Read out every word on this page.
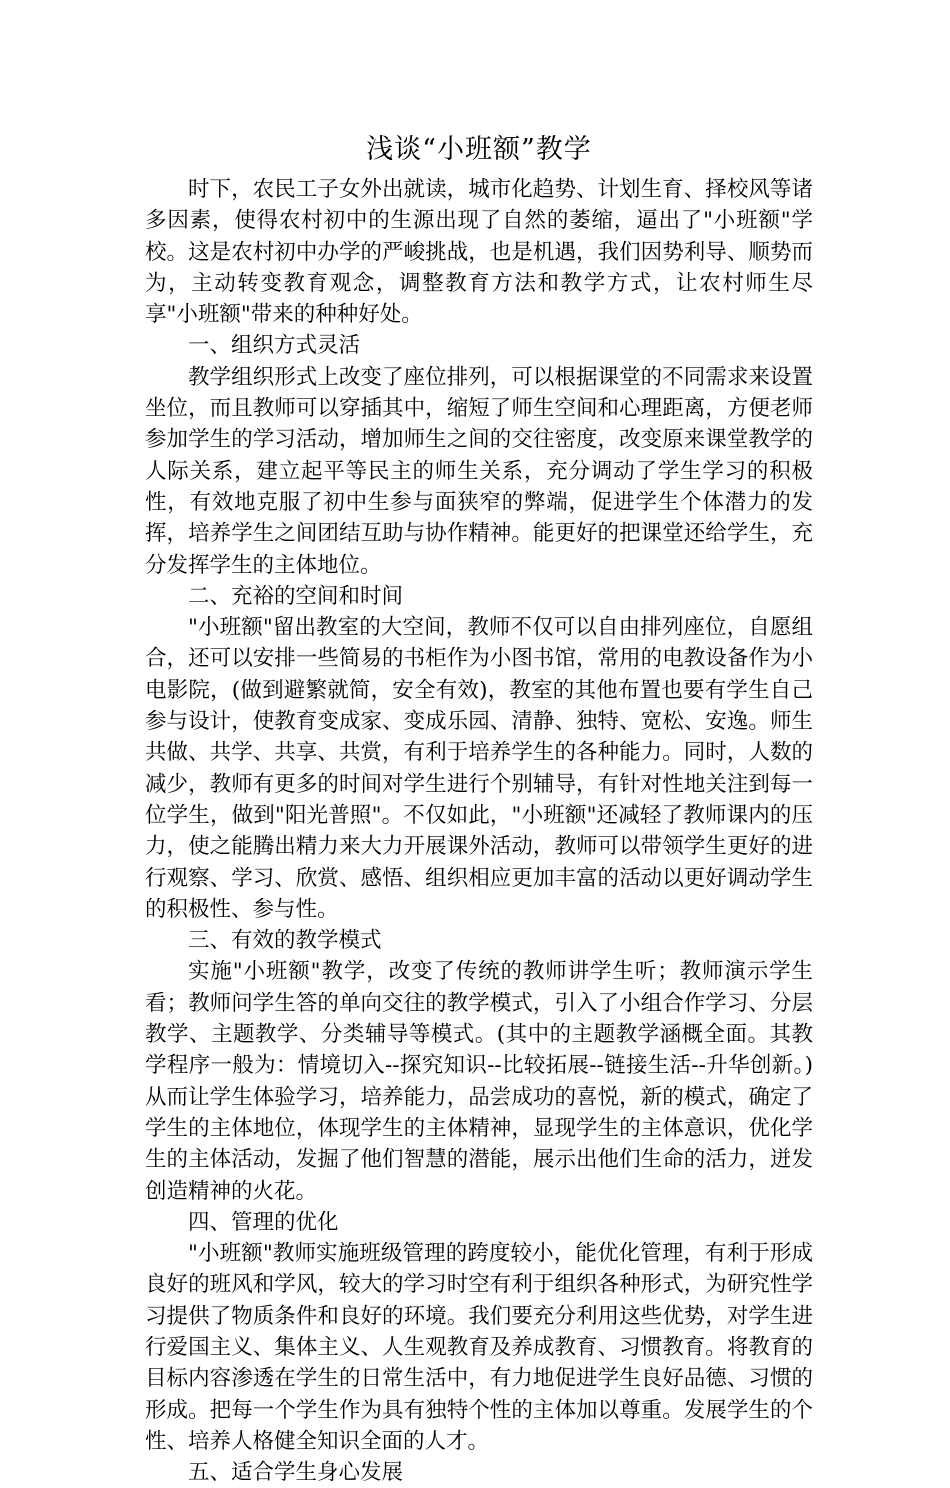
浅谈“小班额”教学

时下，农民工子女外出就读，城市化趋势、计划生育、择校风等诸多因素，使得农村初中的生源出现了自然的萎缩，逼出了"小班额"学校。这是农村初中办学的严峻挑战，也是机遇，我们因势利导、顺势而为，主动转变教育观念，调整教育方法和教学方式，让农村师生尽享"小班额"带来的种种好处。

一、组织方式灵活

教学组织形式上改变了座位排列，可以根据课堂的不同需求来设置坐位，而且教师可以穿插其中，缩短了师生空间和心理距离，方便老师参加学生的学习活动，增加师生之间的交往密度，改变原来课堂教学的人际关系，建立起平等民主的师生关系，充分调动了学生学习的积极性，有效地克服了初中生参与面狭窄的弊端，促进学生个体潜力的发挥，培养学生之间团结互助与协作精神。能更好的把课堂还给学生，充分发挥学生的主体地位。

二、充裕的空间和时间

"小班额"留出教室的大空间，教师不仅可以自由排列座位，自愿组合，还可以安排一些简易的书柜作为小图书馆，常用的电教设备作为小电影院，(做到避繁就简，安全有效)，教室的其他布置也要有学生自己参与设计，使教育变成家、变成乐园、清静、独特、宽松、安逸。师生共做、共学、共享、共赏，有利于培养学生的各种能力。同时，人数的减少，教师有更多的时间对学生进行个别辅导，有针对性地关注到每一位学生，做到"阳光普照"。不仅如此，"小班额"还减轻了教师课内的压力，使之能腾出精力来大力开展课外活动，教师可以带领学生更好的进行观察、学习、欣赏、感悟、组织相应更加丰富的活动以更好调动学生的积极性、参与性。

三、有效的教学模式

实施"小班额"教学，改变了传统的教师讲学生听；教师演示学生看；教师问学生答的单向交往的教学模式，引入了小组合作学习、分层教学、主题教学、分类辅导等模式。(其中的主题教学涵概全面。其教学程序一般为：情境切入--探究知识--比较拓展--链接生活--升华创新。)从而让学生体验学习，培养能力，品尝成功的喜悦，新的模式，确定了学生的主体地位，体现学生的主体精神，显现学生的主体意识，优化学生的主体活动，发掘了他们智慧的潜能，展示出他们生命的活力，迸发创造精神的火花。

四、管理的优化

"小班额"教师实施班级管理的跨度较小，能优化管理，有利于形成良好的班风和学风，较大的学习时空有利于组织各种形式，为研究性学习提供了物质条件和良好的环境。我们要充分利用这些优势，对学生进行爱国主义、集体主义、人生观教育及养成教育、习惯教育。将教育的目标内容渗透在学生的日常生活中，有力地促进学生良好品德、习惯的形成。把每一个学生作为具有独特个性的主体加以尊重。发展学生的个性、培养人格健全知识全面的人才。

五、适合学生身心发展
